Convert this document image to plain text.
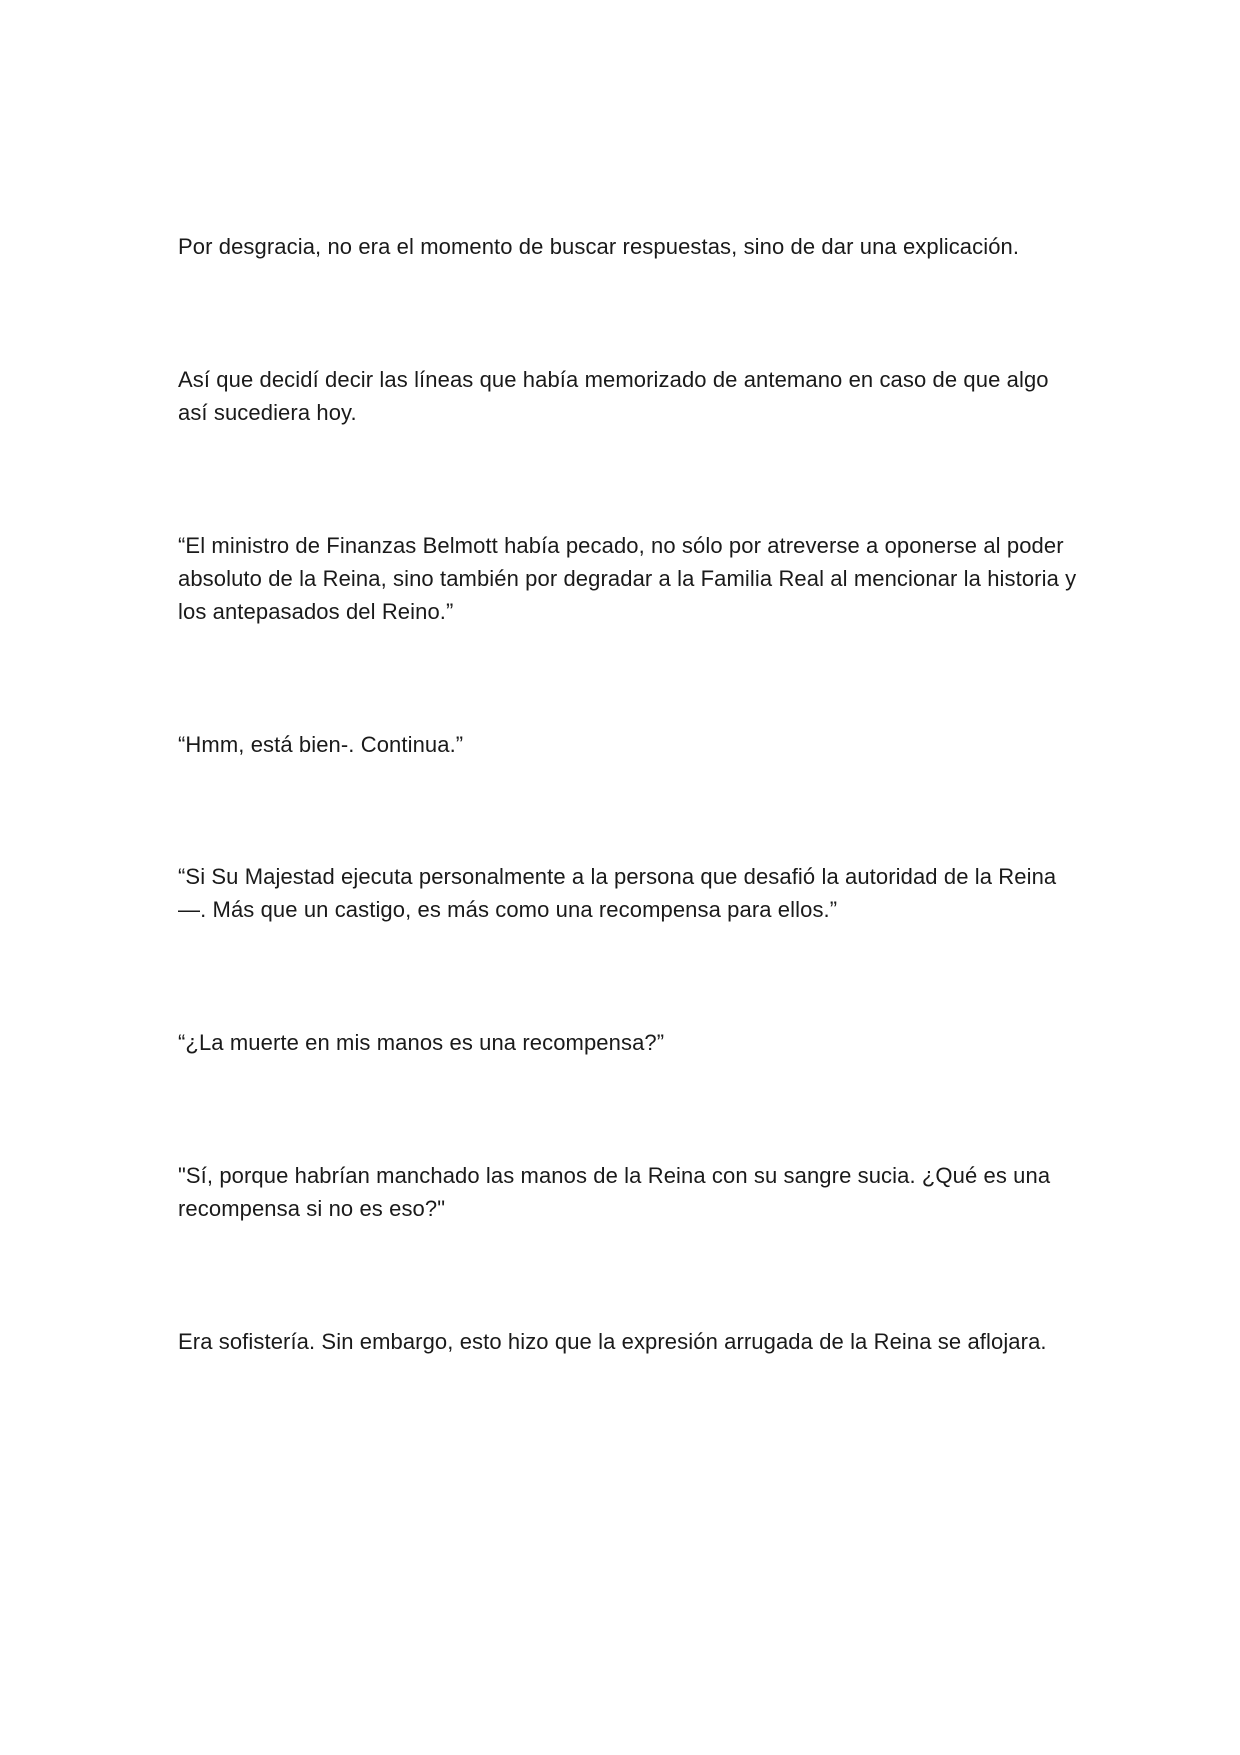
Por desgracia, no era el momento de buscar respuestas, sino de dar una explicación.

Así que decidí decir las líneas que había memorizado de antemano en caso de que algo así sucediera hoy.

“El ministro de Finanzas Belmott había pecado, no sólo por atreverse a oponerse al poder absoluto de la Reina, sino también por degradar a la Familia Real al mencionar la historia y los antepasados del Reino.”

“Hmm, está bien-. Continua.”

“Si Su Majestad ejecuta personalmente a la persona que desafió la autoridad de la Reina—. Más que un castigo, es más como una recompensa para ellos.”

“¿La muerte en mis manos es una recompensa?”

"Sí, porque habrían manchado las manos de la Reina con su sangre sucia. ¿Qué es una recompensa si no es eso?"

Era sofistería. Sin embargo, esto hizo que la expresión arrugada de la Reina se aflojara.
